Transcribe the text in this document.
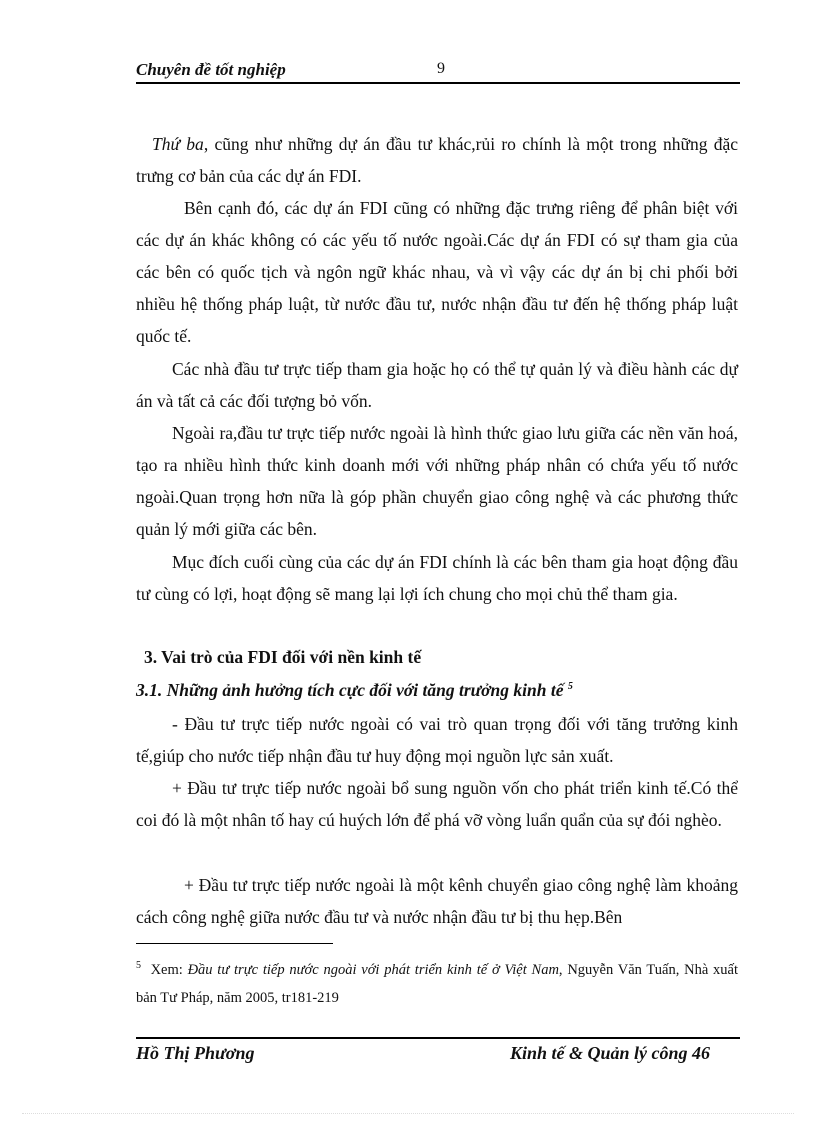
Chuyên đề tốt nghiệp	9
Thứ ba, cũng như những dự án đầu tư khác,rủi ro chính là một trong những đặc trưng cơ bản của các dự án FDI.
Bên cạnh đó, các dự án FDI cũng có những đặc trưng riêng để phân biệt với các dự án khác không có các yếu tố nước ngoài.Các dự án FDI có sự tham gia của các bên có quốc tịch và ngôn ngữ khác nhau, và vì vậy các dự án bị chi phối bởi nhiều hệ thống pháp luật, từ nước đầu tư, nước nhận đầu tư đến hệ thống pháp luật quốc tế.
Các nhà đầu tư trực tiếp tham gia hoặc họ có thể tự quản lý và điều hành các dự án và tất cả các đối tượng bỏ vốn.
Ngoài ra,đầu tư trực tiếp nước ngoài là hình thức giao lưu giữa các nền văn hoá, tạo ra nhiều hình thức kinh doanh mới với những pháp nhân có chứa yếu tố nước ngoài.Quan trọng hơn nữa là góp phần chuyển giao công nghệ và các phương thức quản lý mới giữa các bên.
Mục đích cuối cùng của các dự án FDI chính là các bên tham gia hoạt động đầu tư cùng có lợi, hoạt động sẽ mang lại lợi ích chung cho mọi chủ thể tham gia.
3. Vai trò của FDI đối với nền kinh tế
3.1. Những ảnh hưởng tích cực đối với tăng trưởng kinh tế $^5$
- Đầu tư trực tiếp nước ngoài có vai trò quan trọng đối với tăng trưởng kinh tế,giúp cho nước tiếp nhận đầu tư huy động mọi nguồn lực sản xuất.
+ Đầu tư trực tiếp nước ngoài bổ sung nguồn vốn cho phát triển kinh tế.Có thể coi đó là một nhân tố hay cú huých lớn để phá vỡ vòng luẩn quẩn của sự đói nghèo.
+ Đầu tư trực tiếp nước ngoài là một kênh chuyển giao công nghệ làm khoảng cách công nghệ giữa nước đầu tư và nước nhận đầu tư bị thu hẹp.Bên
$^5$ Xem: Đầu tư trực tiếp nước ngoài với phát triển kinh tế ở Việt Nam, Nguyễn Văn Tuấn, Nhà xuất bản Tư Pháp, năm 2005, tr181-219
Hồ Thị Phương	Kinh tế & Quản lý công 46
